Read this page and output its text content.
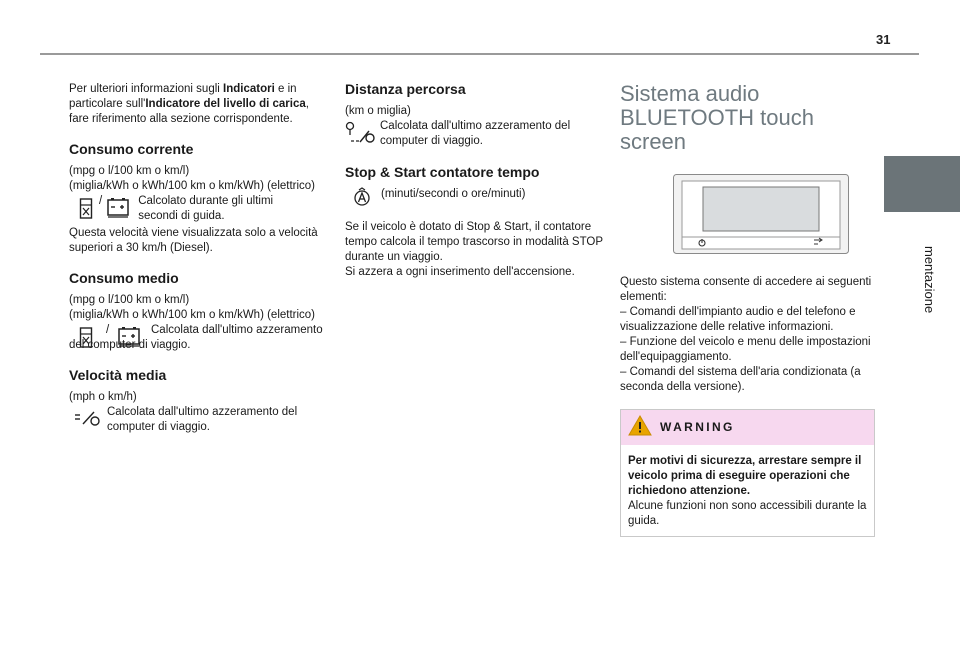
31
mentazione

Per ulteriori informazioni sugli Indicatori e in particolare sull'Indicatore del livello di carica, fare riferimento alla sezione corrispondente.

Consumo corrente

(mpg o l/100 km o km/l)

(miglia/kWh o kWh/100 km o km/kWh) (elettrico)

/	Calcolato durante gli ultimi secondi di guida.

Questa velocità viene visualizzata solo a velocità superiori a 30 km/h (Diesel).

Consumo medio

(mpg o l/100 km o km/l)

(miglia/kWh o kWh/100 km o km/kWh) (elettrico)

/	Calcolata dall'ultimo azzeramento del computer di viaggio.

Velocità media

(mph o km/h)

Calcolata dall'ultimo azzeramento del computer di viaggio.
Distanza percorsa

(km o miglia)

Calcolata dall'ultimo azzeramento del computer di viaggio.
Stop & Start contatore tempo
(minuti/secondi o ore/minuti)

Se il veicolo è dotato di Stop & Start, il contatore tempo calcola il tempo trascorso in modalità STOP durante un viaggio.

Si azzera a ogni inserimento dell'accensione.

Sistema audio BLUETOOTH touch screen

Questo sistema consente di accedere ai seguenti elementi:

– Comandi dell'impianto audio e del telefono e visualizzazione delle relative informazioni.

– Funzione del veicolo e menu delle impostazioni dell'equipaggiamento.

– Comandi del sistema dell'aria condizionata (a seconda della versione).

WARNING
Per motivi di sicurezza, arrestare sempre il veicolo prima di eseguire operazioni che richiedono attenzione.
Alcune funzioni non sono accessibili durante la guida.
